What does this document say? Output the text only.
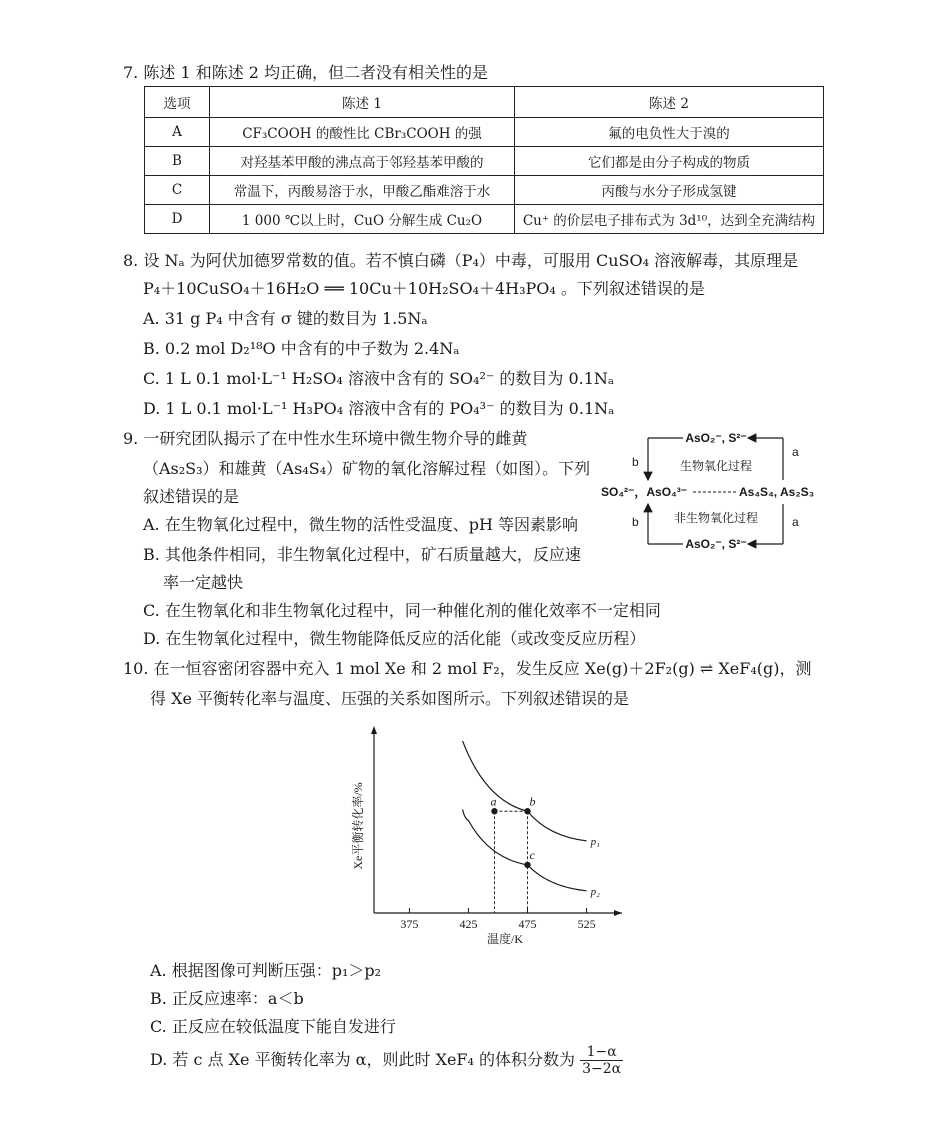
7. 陈述 1 和陈述 2 均正确，但二者没有相关性的是
选项	陈述 1	陈述 2
A	CF₃COOH 的酸性比 CBr₃COOH 的强	氟的电负性大于溴的
B	对羟基苯甲酸的沸点高于邻羟基苯甲酸的	它们都是由分子构成的物质
C	常温下，丙酸易溶于水，甲酸乙酯难溶于水	丙酸与水分子形成氢键
D	1 000 ℃以上时，CuO 分解生成 Cu₂O	Cu⁺ 的价层电子排布式为 3d¹⁰，达到全充满结构
8. 设 Nₐ 为阿伏加德罗常数的值。若不慎白磷（P₄）中毒，可服用 CuSO₄ 溶液解毒，其原理是
P₄＋10CuSO₄＋16H₂O ══ 10Cu＋10H₂SO₄＋4H₃PO₄ 。下列叙述错误的是
A. 31 g P₄ 中含有 σ 键的数目为 1.5Nₐ
B. 0.2 mol D₂¹⁸O 中含有的中子数为 2.4Nₐ
C. 1 L 0.1 mol·L⁻¹ H₂SO₄ 溶液中含有的 SO₄²⁻ 的数目为 0.1Nₐ
D. 1 L 0.1 mol·L⁻¹ H₃PO₄ 溶液中含有的 PO₄³⁻ 的数目为 0.1Nₐ
9. 一研究团队揭示了在中性水生环境中微生物介导的雌黄
（As₂S₃）和雄黄（As₄S₄）矿物的氧化溶解过程（如图）。下列
叙述错误的是
A. 在生物氧化过程中，微生物的活性受温度、pH 等因素影响
B. 其他条件相同，非生物氧化过程中，矿石质量越大，反应速
率一定越快
C. 在生物氧化和非生物氧化过程中，同一种催化剂的催化效率不一定相同
D. 在生物氧化过程中，微生物能降低反应的活化能（或改变反应历程）
AsO₂⁻, S²⁻
AsO₂⁻, S²⁻
SO₄²⁻，AsO₄³⁻	As₄S₄, As₂S₃
生物氧化过程
非生物氧化过程
b
b
a
a
10. 在一恒容密闭容器中充入 1 mol Xe 和 2 mol F₂，发生反应 Xe(g)＋2F₂(g) ⇌ XeF₄(g)，测
得 Xe 平衡转化率与温度、压强的关系如图所示。下列叙述错误的是
375	425	475	525
p₁
p₂
a	b
c
温度/K
Xe平衡转化率/%
A. 根据图像可判断压强：p₁＞p₂
B. 正反应速率：a＜b
C. 正反应在较低温度下能自发进行
D. 若 c 点 Xe 平衡转化率为 α，则此时 XeF₄ 的体积分数为 $\frac{1-\alpha}{3-2\alpha}$
